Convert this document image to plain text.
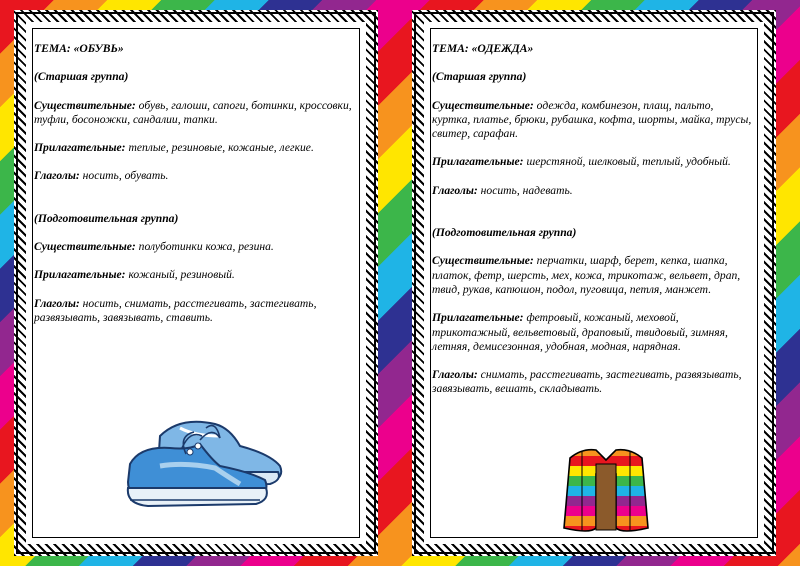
ТЕМА: «ОБУВЬ»

(Старшая группа)

Существительные: обувь, галоши, сапоги, ботинки, кроссовки, туфли, босоножки, сандалии, тапки.

Прилагательные: теплые, резиновые, кожаные, легкие.

Глаголы: носить, обувать.

(Подготовительная группа)

Существительные: полуботинки кожа, резина.

Прилагательные: кожаный, резиновый.

Глаголы: носить, снимать, расстегивать, застегивать, развязывать, завязывать, ставить.

ТЕМА: «ОДЕЖДА»

(Старшая группа)

Существительные: одежда, комбинезон, плащ, пальто, куртка, платье, брюки, рубашка, кофта, шорты, майка, трусы, свитер, сарафан.

Прилагательные: шерстяной, шелковый, теплый, удобный.

Глаголы: носить, надевать.

(Подготовительная группа)

Существительные: перчатки, шарф, берет, кепка, шапка, платок, фетр, шерсть, мех, кожа, трикотаж, вельвет, драп, твид, рукав, капюшон, подол, пуговица, петля, манжет.

Прилагательные: фетровый, кожаный, меховой, трикотажный, вельветовый, драповый, твидовый, зимняя, летняя, демисезонная, удобная, модная, нарядная.

Глаголы: снимать, расстегивать, застегивать, развязывать, завязывать, вешать, складывать.
